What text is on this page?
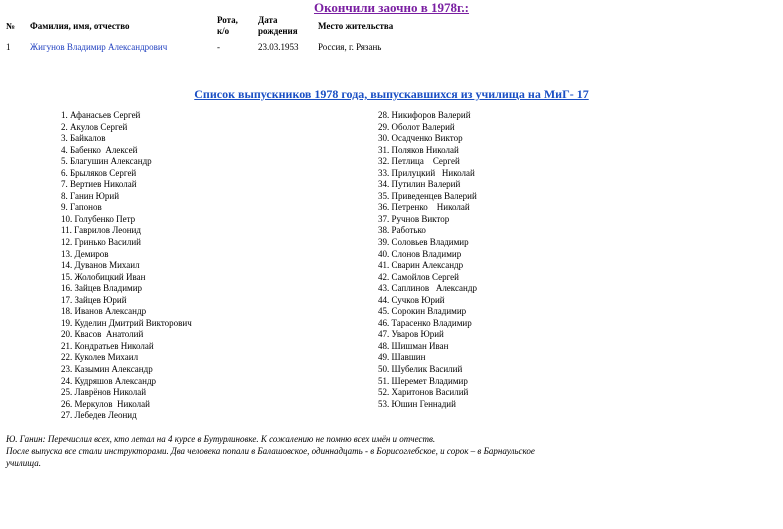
Окончили заочно в 1978г.:
№ Фамилия, имя, отчество
Рота,
к/о
Дата
рождения Место жительства
1 Жигунов Владимир Александрович	-	23.03.1953 Россия, г. Рязань
Список выпускников 1978 года, выпускавшихся из училища на МиГ- 17
1. Афанасьев Сергей
2. Акулов Сергей
3. Байкалов
4. Бабенко  Алексей
5. Благушин Александр
6. Брыляков Сергей
7. Вертиев Николай
8. Ганин Юрий
9. Гапонов
10. Голубенко Петр
11. Гаврилов Леонид
12. Гринько Василий
13. Демиров
14. Дуванов Михаил
15. Жолобицкий Иван
16. Зайцев Владимир
17. Зайцев Юрий
18. Иванов Александр
19. Куделин Дмитрий Викторович
20. Квасов  Анатолий
21. Кондратьев Николай
22. Куколев Михаил
23. Казымин Александр
24. Кудряшов Александр
25. Лаврёнов Николай
26. Меркулов  Николай
27. Лебедев Леонид
28. Никифоров Валерий
29. Оболот Валерий
30. Осадченко Виктор
31. Поляков Николай
32. Петлица    Сергей
33. Прилуцкий   Николай
34. Путилин Валерий
35. Приведенцев Валерий
36. Петренко    Николай
37. Ручнов Виктор
38. Работько
39. Соловьев Владимир
40. Слонов Владимир
41. Сварин Александр
42. Самойлов Сергей
43. Саплинов   Александр
44. Сучков Юрий
45. Сорокин Владимир
46. Тарасенко Владимир
47. Уваров Юрий
48. Шишман Иван
49. Шавшин
50. Шубелик Василий
51. Шеремет Владимир
52. Харитонов Василий
53. Юшин Геннадий
Ю. Ганин: Перечислил всех, кто летал на 4 курсе в Бутурлиновке. К сожалению не помню всех имён и отчеств.
После выпуска все стали инструкторами. Два человека попали в Балашовское, одиннадцать - в Борисоглебское, и сорок – в Барнаульское
училища.
